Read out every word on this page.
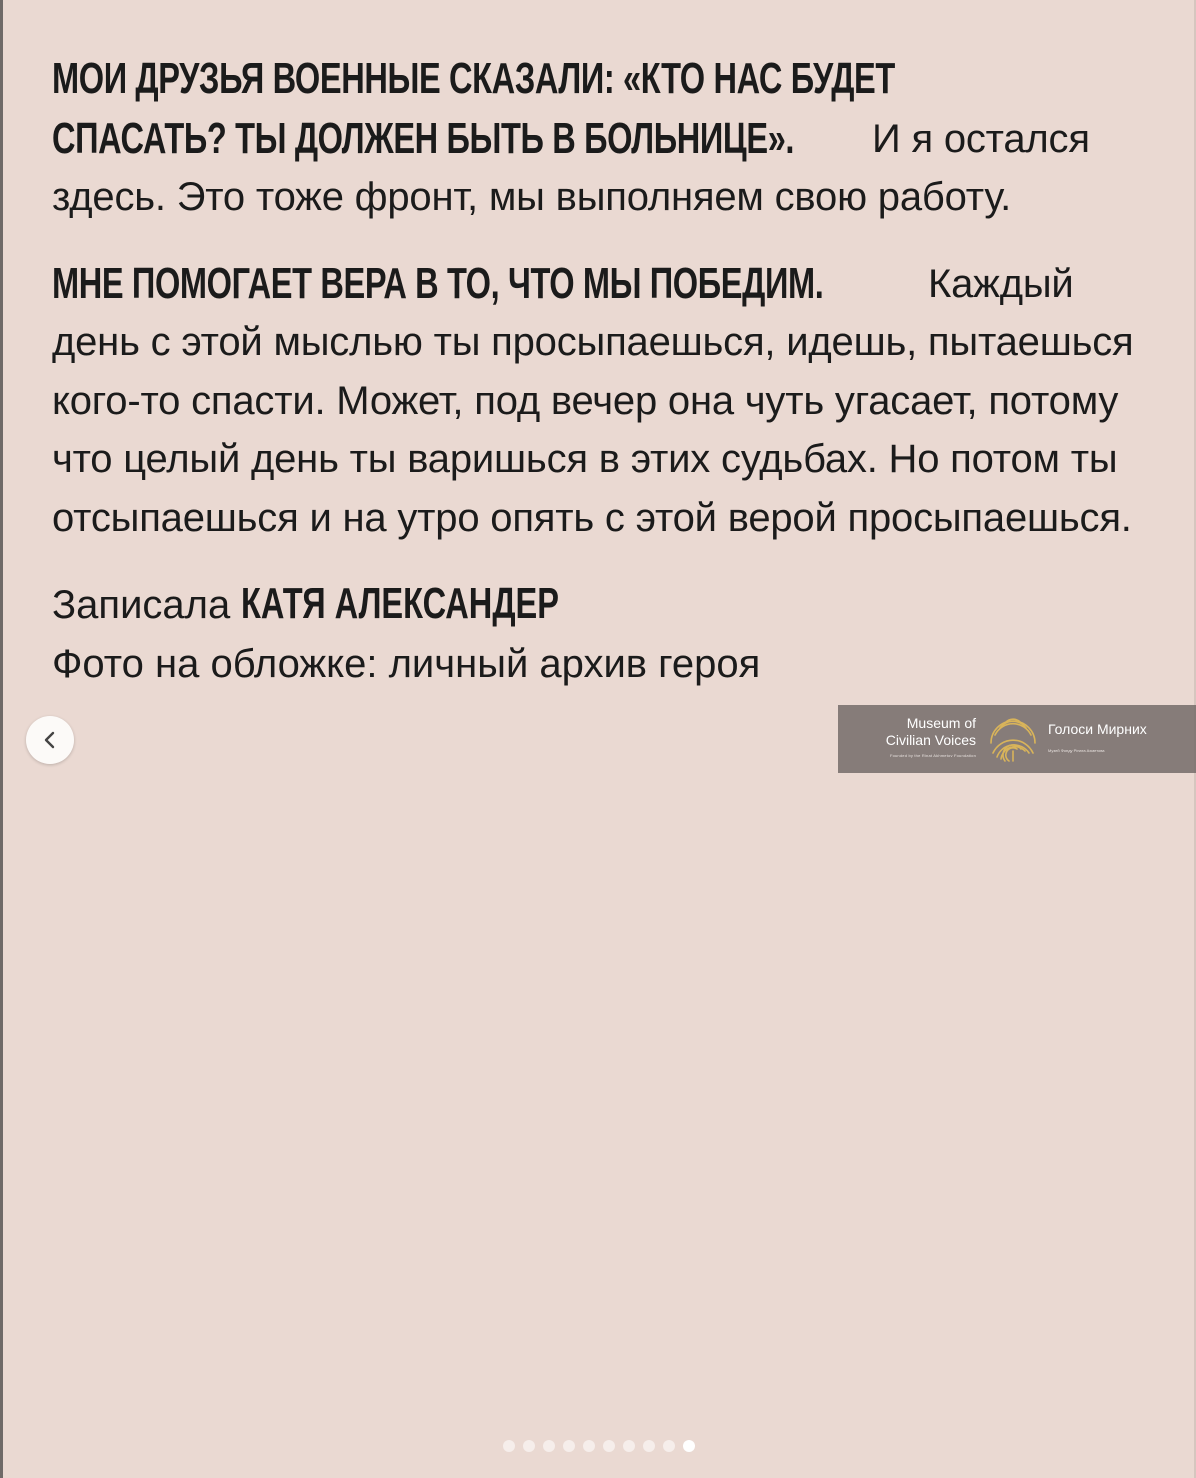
МОИ ДРУЗЬЯ ВОЕННЫЕ СКАЗАЛИ: «КТО НАС БУДЕТ

СПАСАТЬ? ТЫ ДОЛЖЕН БЫТЬ В БОЛЬНИЦЕ». И я остался

здесь. Это тоже фронт, мы выполняем свою работу.

МНЕ ПОМОГАЕТ ВЕРА В ТО, ЧТО МЫ ПОБЕДИМ.	Каждый

день с этой мыслью ты просыпаешься, идешь, пытаешься кого-то спасти. Может, под вечер она чуть угасает, потому что целый день ты варишься в этих судьбах. Но потом ты отсыпаешься и на утро опять с этой верой просыпаешься.

Записала КАТЯ АЛЕКСАНДЕР

Фото на обложке: личный архив героя

Museum of
Civilian Voices
Founded by the Rinat Akhmetov Foundation
Голоси Мирних
Музей Фонду Ріната Ахметова
